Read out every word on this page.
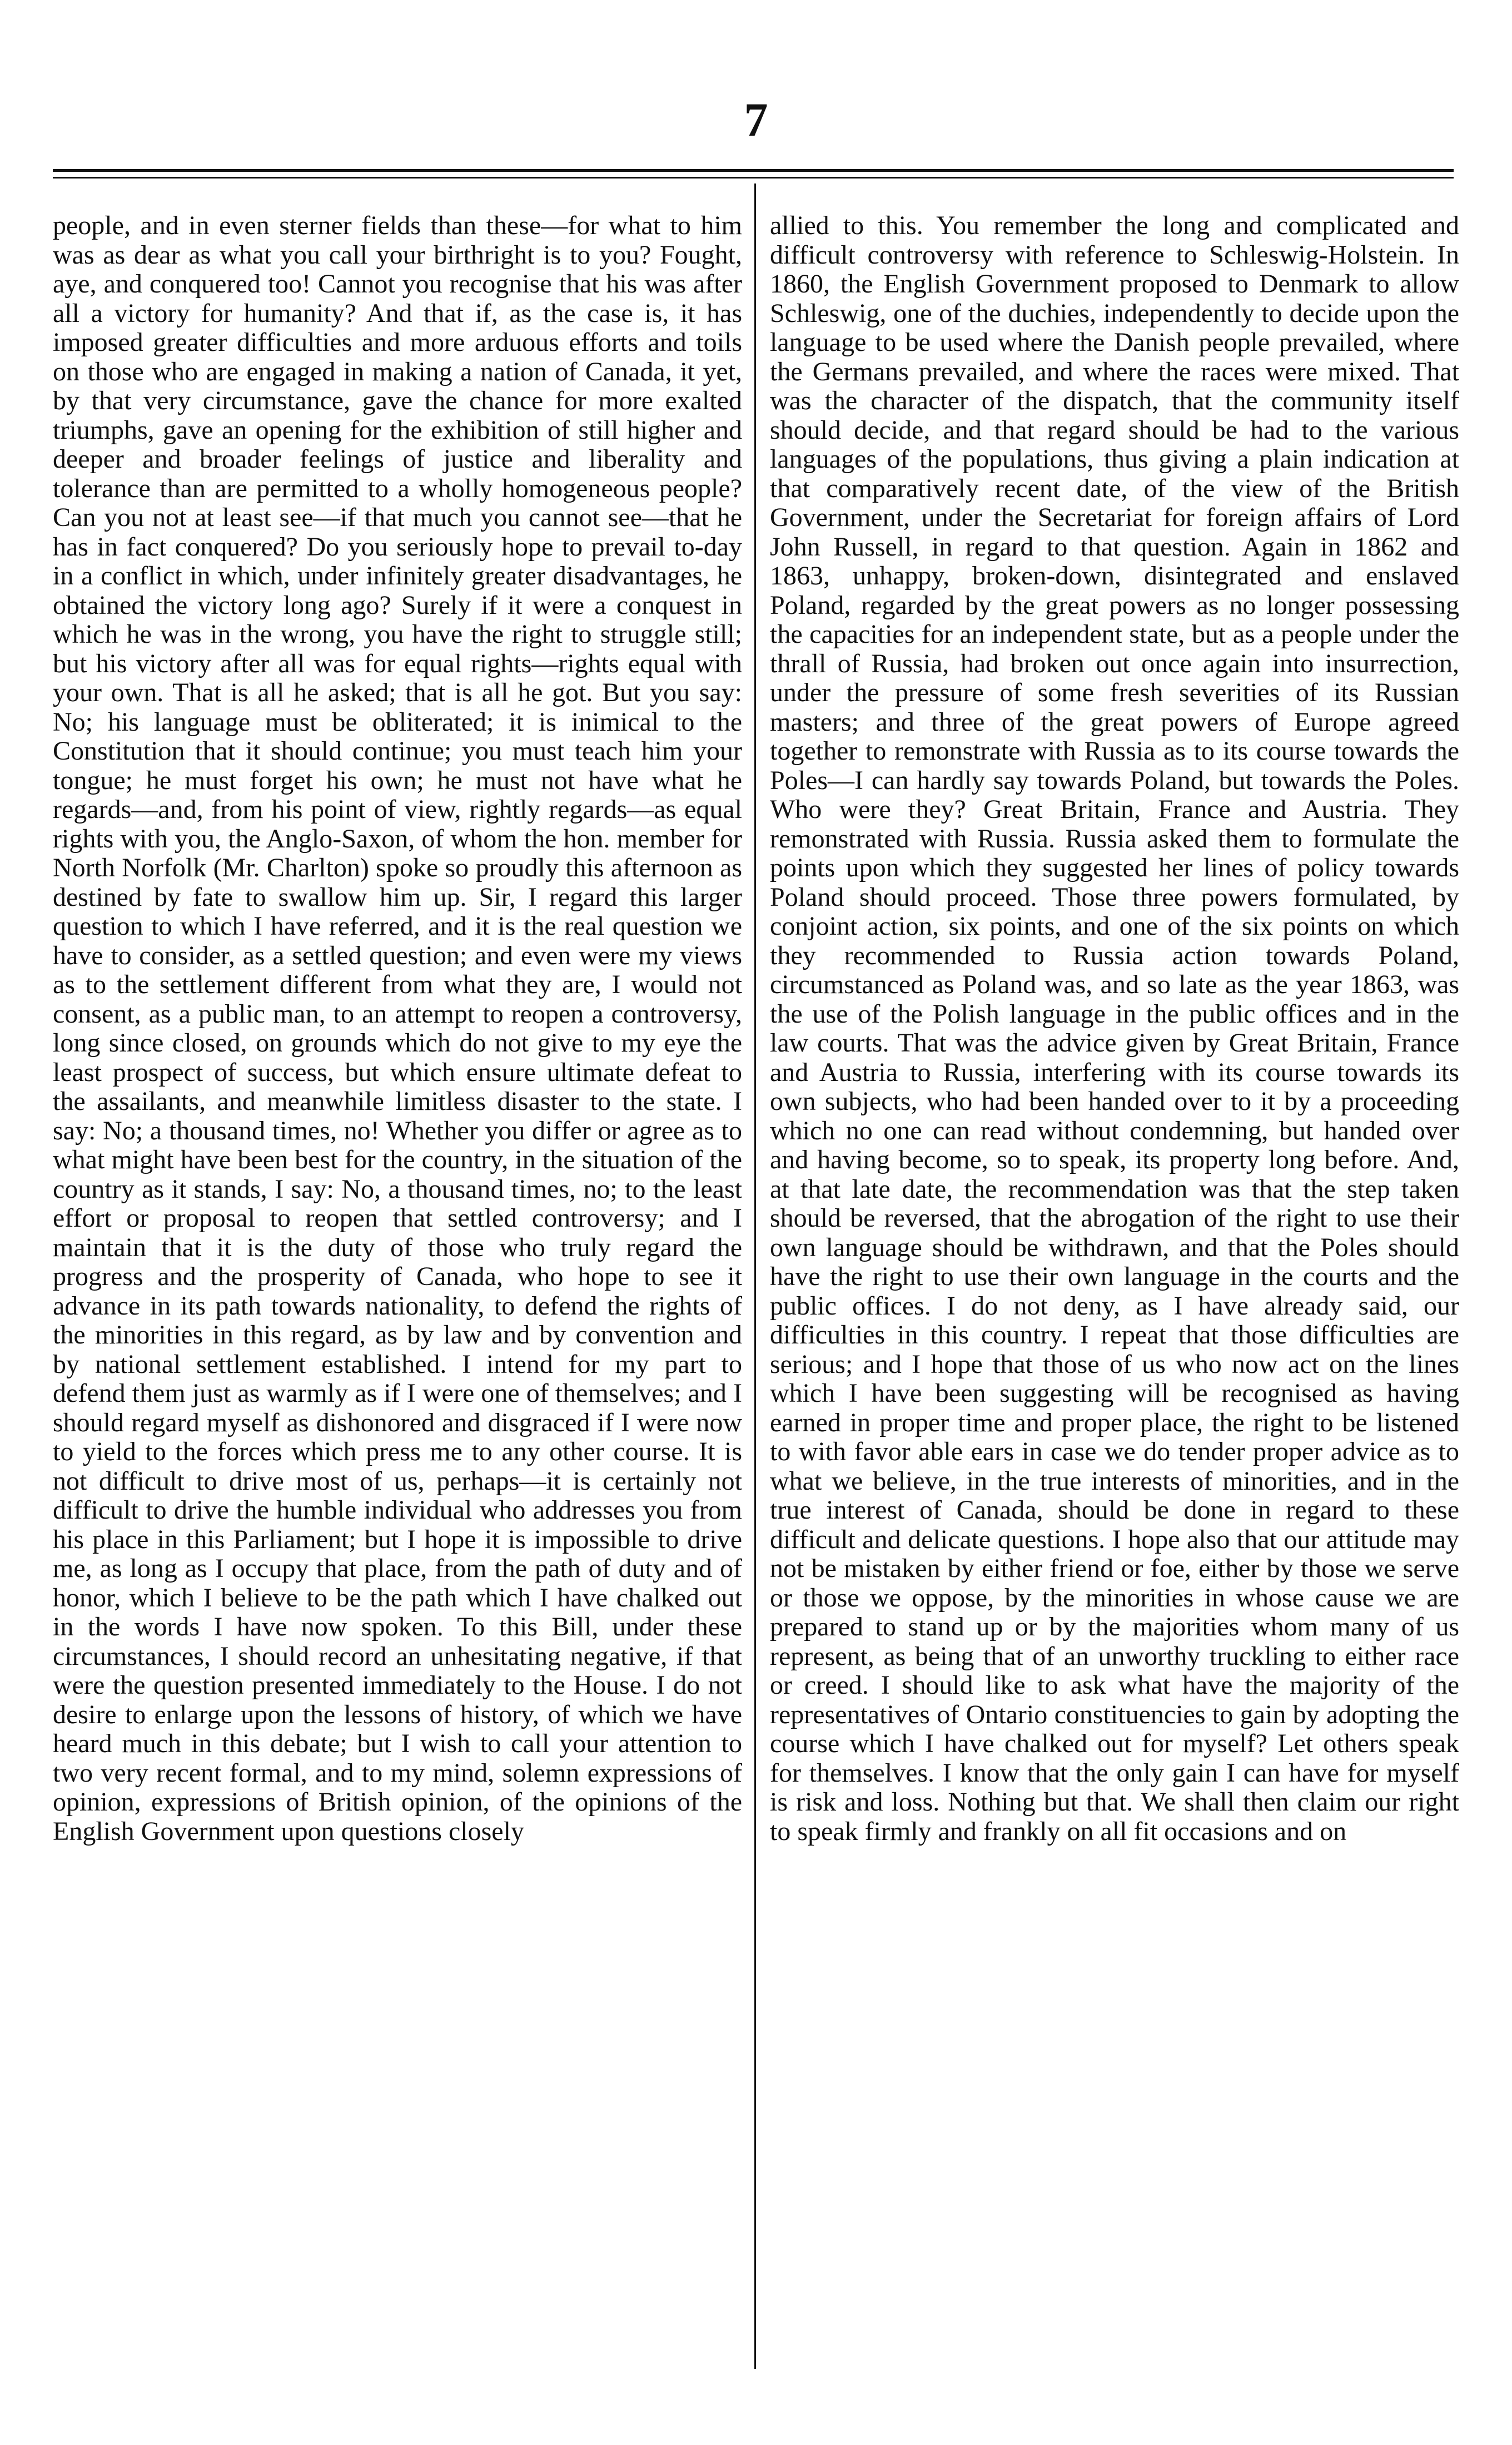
7

people, and in even sterner fields than these—for what to him was as dear as what you call your birthright is to you? Fought, aye, and conquered too! Cannot you recognise that his was after all a victory for humanity? And that if, as the case is, it has imposed greater difficulties and more arduous efforts and toils on those who are engaged in making a nation of Canada, it yet, by that very circumstance, gave the chance for more exalted triumphs, gave an opening for the exhibition of still higher and deeper and broader feelings of justice and liberality and tolerance than are permitted to a wholly homogeneous people? Can you not at least see—if that much you cannot see—that he has in fact conquered? Do you seriously hope to prevail to-day in a conflict in which, under infinitely greater disadvantages, he obtained the victory long ago? Surely if it were a conquest in which he was in the wrong, you have the right to struggle still; but his victory after all was for equal rights—rights equal with your own. That is all he asked; that is all he got. But you say: No; his language must be obliterated; it is inimical to the Constitution that it should continue; you must teach him your tongue; he must forget his own; he must not have what he regards—and, from his point of view, rightly regards—as equal rights with you, the Anglo-Saxon, of whom the hon. member for North Norfolk (Mr. Charlton) spoke so proudly this afternoon as destined by fate to swallow him up. Sir, I regard this larger question to which I have referred, and it is the real question we have to consider, as a settled question; and even were my views as to the settlement different from what they are, I would not consent, as a public man, to an attempt to reopen a controversy, long since closed, on grounds which do not give to my eye the least prospect of success, but which ensure ultimate defeat to the assailants, and meanwhile limitless disaster to the state. I say: No; a thousand times, no! Whether you differ or agree as to what might have been best for the country, in the situation of the country as it stands, I say: No, a thousand times, no; to the least effort or proposal to reopen that settled controversy; and I maintain that it is the duty of those who truly regard the progress and the prosperity of Canada, who hope to see it advance in its path towards nationality, to defend the rights of the minorities in this regard, as by law and by convention and by national settlement established. I intend for my part to defend them just as warmly as if I were one of themselves; and I should regard myself as dishonored and disgraced if I were now to yield to the forces which press me to any other course. It is not difficult to drive most of us, perhaps—it is certainly not difficult to drive the humble individual who addresses you from his place in this Parliament; but I hope it is impossible to drive me, as long as I occupy that place, from the path of duty and of honor, which I believe to be the path which I have chalked out in the words I have now spoken. To this Bill, under these circumstances, I should record an unhesitating negative, if that were the question presented immediately to the House. I do not desire to enlarge upon the lessons of history, of which we have heard much in this debate; but I wish to call your attention to two very recent formal, and to my mind, solemn expressions of opinion, expressions of British opinion, of the opinions of the English Government upon questions closely

allied to this. You remember the long and complicated and difficult controversy with reference to Schleswig-Holstein. In 1860, the English Government proposed to Denmark to allow Schleswig, one of the duchies, independently to decide upon the language to be used where the Danish people prevailed, where the Germans prevailed, and where the races were mixed. That was the character of the dispatch, that the community itself should decide, and that regard should be had to the various languages of the populations, thus giving a plain indication at that comparatively recent date, of the view of the British Government, under the Secretariat for foreign affairs of Lord John Russell, in regard to that question. Again in 1862 and 1863, unhappy, broken-down, disintegrated and enslaved Poland, regarded by the great powers as no longer possessing the capacities for an independent state, but as a people under the thrall of Russia, had broken out once again into insurrection, under the pressure of some fresh severities of its Russian masters; and three of the great powers of Europe agreed together to remonstrate with Russia as to its course towards the Poles—I can hardly say towards Poland, but towards the Poles. Who were they? Great Britain, France and Austria. They remonstrated with Russia. Russia asked them to formulate the points upon which they suggested her lines of policy towards Poland should proceed. Those three powers formulated, by conjoint action, six points, and one of the six points on which they recommended to Russia action towards Poland, circumstanced as Poland was, and so late as the year 1863, was the use of the Polish language in the public offices and in the law courts. That was the advice given by Great Britain, France and Austria to Russia, interfering with its course towards its own subjects, who had been handed over to it by a proceeding which no one can read without condemning, but handed over and having become, so to speak, its property long before. And, at that late date, the recommendation was that the step taken should be reversed, that the abrogation of the right to use their own language should be withdrawn, and that the Poles should have the right to use their own language in the courts and the public offices. I do not deny, as I have already said, our difficulties in this country. I repeat that those difficulties are serious; and I hope that those of us who now act on the lines which I have been suggesting will be recognised as having earned in proper time and proper place, the right to be listened to with favor able ears in case we do tender proper advice as to what we believe, in the true interests of minorities, and in the true interest of Canada, should be done in regard to these difficult and delicate questions. I hope also that our attitude may not be mistaken by either friend or foe, either by those we serve or those we oppose, by the minorities in whose cause we are prepared to stand up or by the majorities whom many of us represent, as being that of an unworthy truckling to either race or creed. I should like to ask what have the majority of the representatives of Ontario constituencies to gain by adopting the course which I have chalked out for myself? Let others speak for themselves. I know that the only gain I can have for myself is risk and loss. Nothing but that. We shall then claim our right to speak firmly and frankly on all fit occasions and on
